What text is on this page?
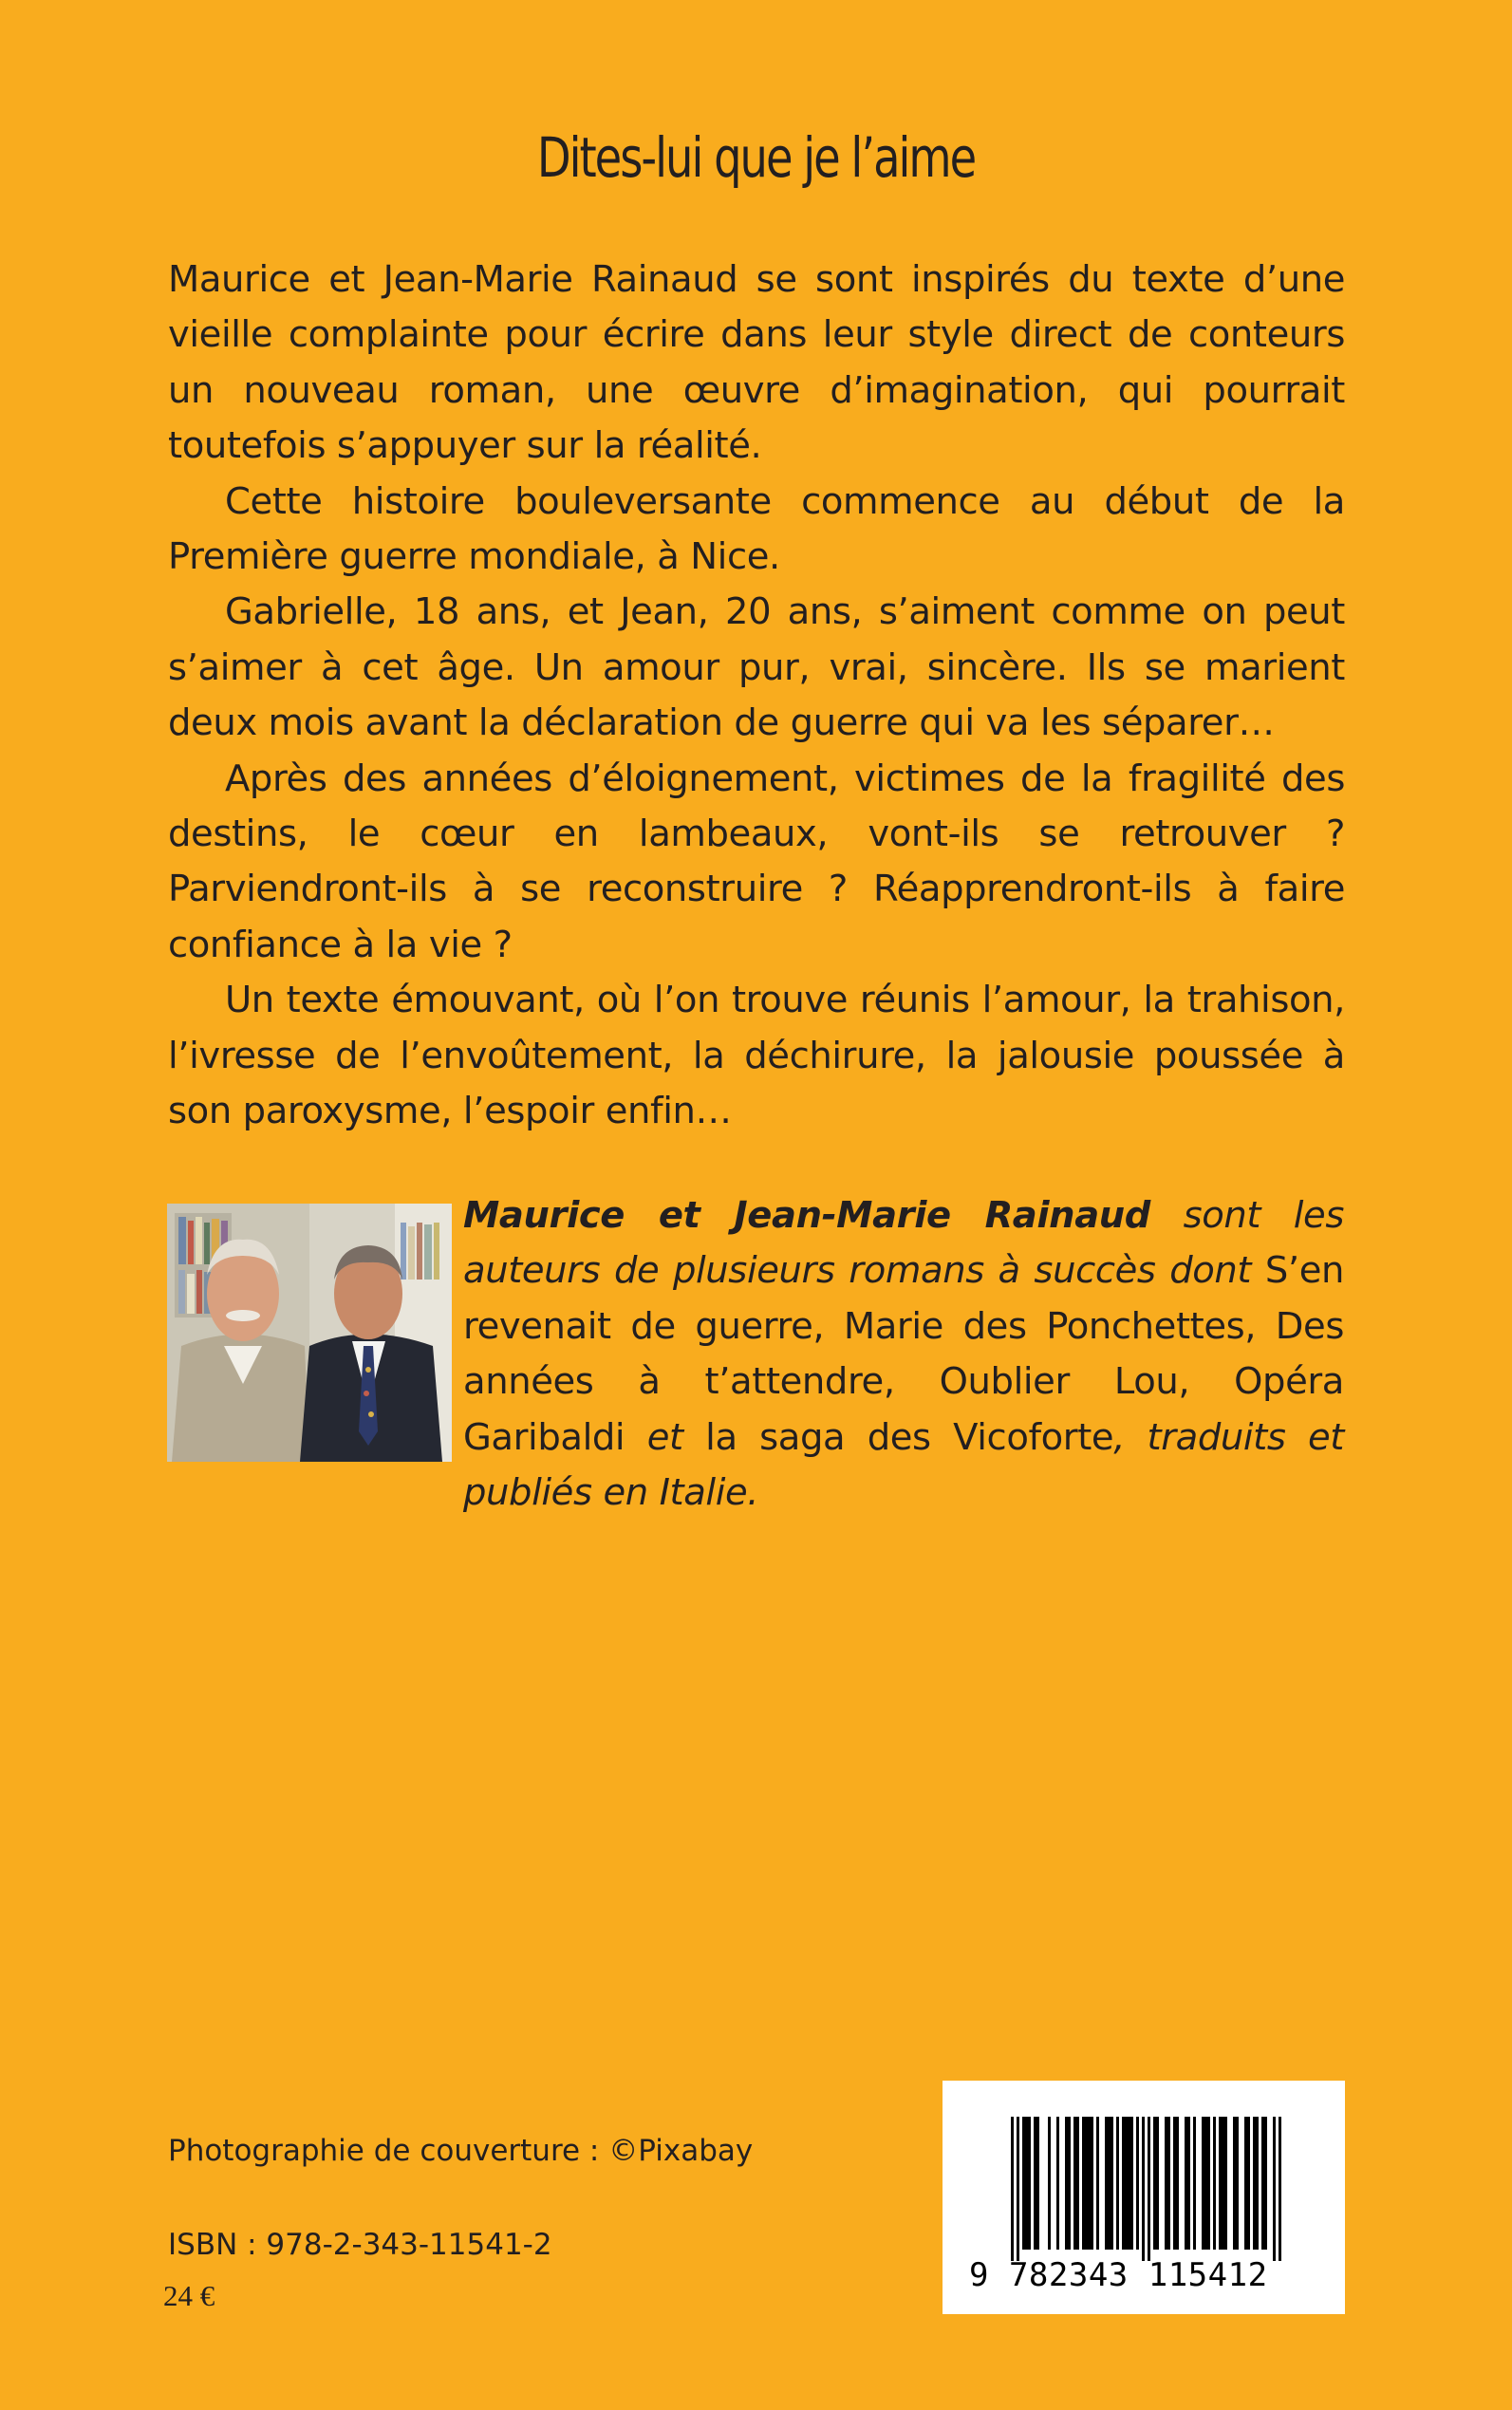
Dites-lui que je l’aime

Maurice et Jean-Marie Rainaud se sont inspirés du texte d’une vieille complainte pour écrire dans leur style direct de conteurs un nouveau roman, une œuvre d’imagination, qui pourrait toutefois s’appuyer sur la réalité.

Cette histoire bouleversante commence au début de la Première guerre mondiale, à Nice.

Gabrielle, 18 ans, et Jean, 20 ans, s’aiment comme on peut s’aimer à cet âge. Un amour pur, vrai, sincère. Ils se marient deux mois avant la déclaration de guerre qui va les séparer…

Après des années d’éloignement, victimes de la fragilité des destins, le cœur en lambeaux, vont-ils se retrouver ? Parviendront-ils à se reconstruire ? Réapprendront-ils à faire confiance à la vie ?

Un texte émouvant, où l’on trouve réunis l’amour, la trahison, l’ivresse de l’envoûtement, la déchirure, la jalousie poussée à son paroxysme, l’espoir enfin…

Maurice et Jean-Marie Rainaud sont les auteurs de plusieurs romans à succès dont S’en revenait de guerre, Marie des Ponchettes, Des années à t’attendre, Oublier Lou, Opéra Garibaldi et la saga des Vicoforte, traduits et publiés en Italie.
Photographie de couverture : ©Pixabay
ISBN : 978-2-343-11541-2
24 €
9 782343 115412
